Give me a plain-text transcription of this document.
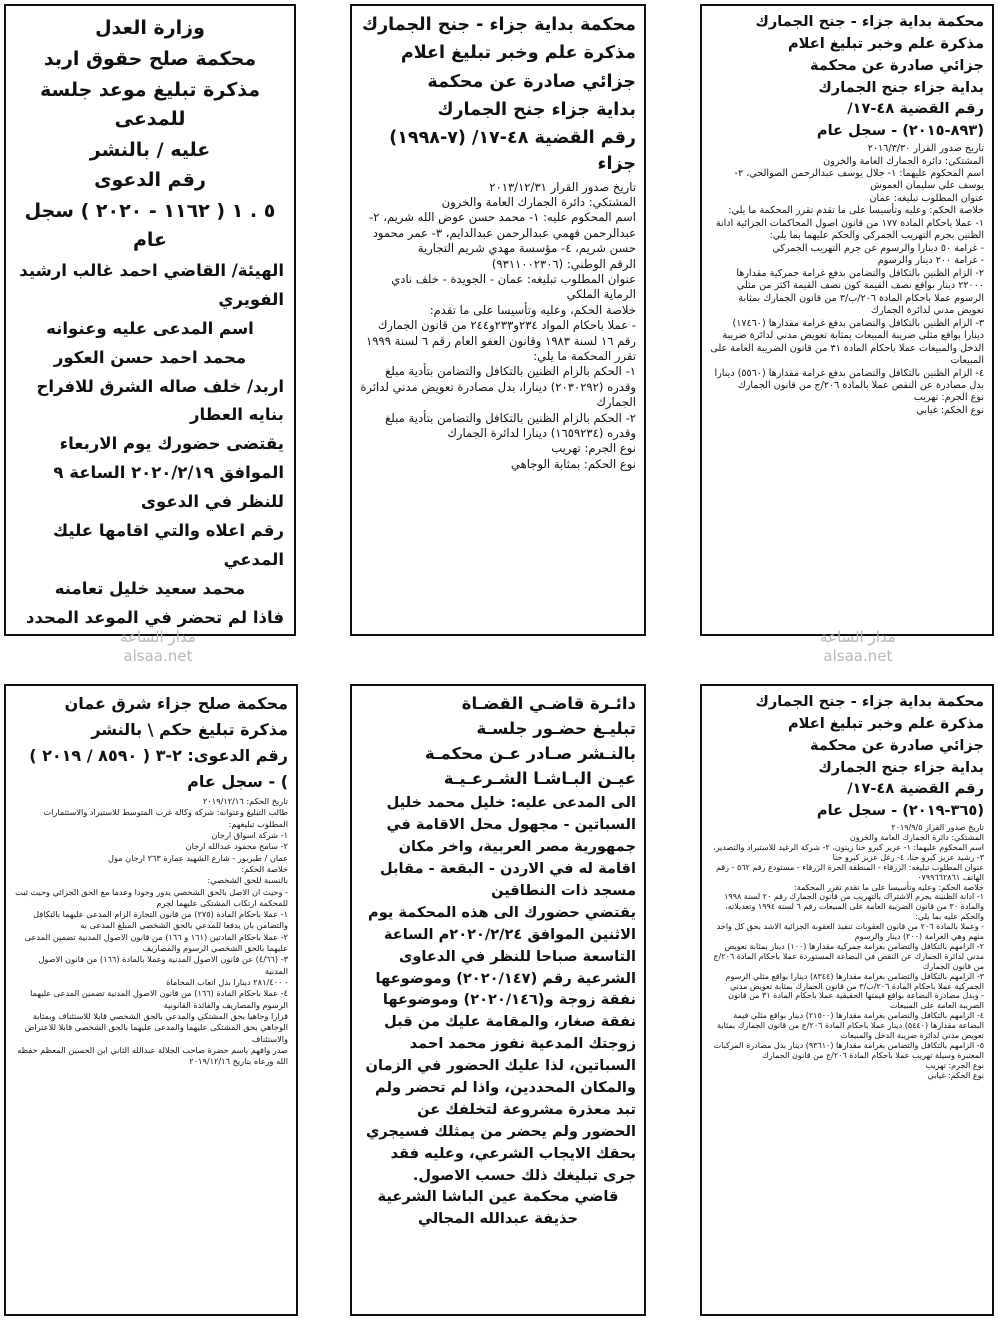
وزارة العدل

محكمة صلح حقوق اربد

مذكرة تبليغ موعد جلسة للمدعى

عليه / بالنشر

رقم الدعوى

٥ . ١ ( ١١٦٢ - ٢٠٢٠ ) سجل عام

الهيئة/ القاضي احمد غالب ارشيد الفويري

اسم المدعى عليه وعنوانه

محمد احمد حسن العكور

اربد/ خلف صاله الشرق للافراح بنايه العطار

يقتضى حضورك يوم الاربعاء الموافق ٢٠٢٠/٢/١٩ الساعة ٩ للنظر في الدعوى

رقم اعلاه والتي اقامها عليك المدعي

محمد سعيد خليل تعامنه

فاذا لم تحضر في الموعد المحدد

محكمة بداية جزاء - جنح الجمارك

مذكرة علم وخبر تبليغ اعلام

جزائي صادرة عن محكمة

بداية جزاء جنح الجمارك

رقم القضية ٤٨-١٧/ (٧-١٩٩٨) جزاء

تاريخ صدور القرار ٢٠١٣/١٢/٣١

المشتكي: دائرة الجمارك العامة والخرون

اسم المحكوم عليه: ١- محمد حسن عوض الله شريم، ٢- عبدالرحمن فهمي عبدالرحمن عبدالدايم، ٣- عمر محمود حسن شريم، ٤- مؤسسة مهدي شريم التجارية

الرقم الوطني: (٩٣١١٠٠٢٣٠٦)

عنوان المطلوب تبليغه: عمان - الجويدة - خلف نادي الرماية الملكي

خلاصة الحكم، وعليه وتأسيسا على ما تقدم:

- عملا باحكام المواد ٢٣٤و٢٣٣و٢٤٤ من قانون الجمارك رقم ١٦ لسنة ١٩٨٣ وقانون العفو العام رقم ٦ لسنة ١٩٩٩ تقرر المحكمة ما يلي:

١- الحكم بالزام الظنين بالتكافل والتضامن بتأدية مبلغ وقدره (٢٠٣٠٢٩٢) دينارا، بدل مصادرة تعويض مدني لدائرة الجمارك

٢- الحكم بالزام الظنين بالتكافل والتضامن بتأدية مبلغ وقدره (١٦٥٩٢٣٤) دينارا لدائرة الجمارك

نوع الجرم: تهريب

نوع الحكم: بمثابة الوجاهي

محكمة بداية جزاء - جنح الجمارك

مذكرة علم وخبر تبليغ اعلام

جزائي صادرة عن محكمة

بداية جزاء جنح الجمارك

رقم القضية ٤٨-١٧/

(٨٩٣-٢٠١٥) - سجل عام

تاريخ صدور القرار ٢٠١٦/٣/٣٠

المشتكي: دائرة الجمارك العامة والخرون

اسم المحكوم عليهما: ١- جلال يوسف عبدالرحمن الصوالحي، ٢- يوسف علي سليمان العموش

عنوان المطلوب تبليغه: عمان

خلاصة الحكم: وعليه وتأسيسا على ما تقدم تقرر المحكمة ما يلي:

١- عملا باحكام المادة ١٧٧ من قانون اصول المحاكمات الجزائية ادانة الظنين بجرم التهريب الجمركي والحكم عليهما بما يلي:

- غرامة ٥٠ دينارا والرسوم عن جرم التهريب الجمركي

- غرامة ٢٠٠ دينار والرسوم

٢- الزام الظنين بالتكافل والتضامن بدفع غرامة جمركية مقدارها ٢٢٠٠٠ دينار بواقع نصف القيمة كون نصف القيمة اكثر من مثلي الرسوم عملا باحكام المادة ٢٠٦/ب/٣ من قانون الجمارك بمثابة تعويض مدني لدائرة الجمارك

٣- الزام الظنين بالتكافل والتضامن بدفع غرامة مقدارها (١٧٤٦٠) دينارا بواقع مثلي ضريبة المبيعات بمثابة تعويض مدني لدائرة ضريبة الدخل والمبيعات عملا باحكام المادة ٣١ من قانون الضريبة العامة على المبيعات

٤- الزام الظنين بالتكافل والتضامن بدفع غرامة مقدارها (٥٥٦٠) دينارا بدل مصادرة عن النقص عملا بالمادة ٢٠٦/ج من قانون الجمارك

نوع الجرم: تهريب

نوع الحكم: غيابي

مدار الساعة
alsaa.net
مدار الساعة
alsaa.net

محكمة صلح جزاء شرق عمان

مذكرة تبليغ حكم \ بالنشر

رقم الدعوى: ٢-٣ ( ٨٥٩٠ / ٢٠١٩ )

) - سجل عام

تاريخ الحكم: ٢٠١٩/١٢/١٦

طالب التبليغ وعنوانه: شركة وكالة غرب المتوسط للاستيراد والاستثمارات

المطلوب تبليغهم:

١- شركة اسواق ارجان

٢- سامح محمود عبدالله ارجان

عمان / طبربور - شارع الشهيد عمارة ٢٦٣ ارجان مول

خلاصة الحكم:

بالنسبة للحق الشخصي:

- وحيث ان الاصل بالحق الشخصي يدور وجودا وعدما مع الحق الجزائي وحيث ثبت للمحكمة ارتكاب المشتكى عليهما لجرم

١- عملا باحكام المادة (٢٧٥) من قانون التجارة الزام المدعى عليهما بالتكافل والتضامن بان يدفعا للمدعي بالحق الشخصي المبلغ المدعى به

٢- عملا باحكام المادتين (١٦١ و ١٦٦) من قانون الاصول المدنية تضمين المدعى عليهما بالحق الشخصي الرسوم والمصاريف

٣- (٤/٦٦) عن قانون الاصول المدنية وعملا بالمادة (١٦٦) من قانون الاصول المدنية

- ٢٨١/٤٠٠ دينارا بدل اتعاب المحاماة

٤- عملا باحكام المادة (١٦٦) من قانون الاصول المدنية تضمين المدعى عليهما الرسوم والمصاريف والفائدة القانونية

قرارا وجاهيا بحق المشتكي والمدعي بالحق الشخصي قابلا للاستئناف وبمثابة الوجاهي بحق المشتكى عليهما والمدعى عليهما بالحق الشخصي قابلا للاعتراض والاستئناف

صدر وافهم باسم حضرة صاحب الجلالة عبدالله الثاني ابن الحسين المعظم حفظه الله ورعاه بتاريخ ٢٠١٩/١٢/١٦

دائـرة قاضـي القضـاة

تبليـغ حضـور جلسـة

بالنـشر صـادر عـن محكمـة

عيـن البـاشـا الشـرعـيـة

الى المدعى عليه: خليل محمد خليل السباتين - مجهول محل الاقامة في جمهورية مصر العربية، واخر مكان اقامة له في الاردن - البقعة - مقابل مسجد ذات النطاقين

يقتضي حضورك الى هذه المحكمة يوم الاثنين الموافق ٢٠٢٠/٢/٢٤م الساعة التاسعة صباحا للنظر في الدعاوى الشرعية رقم (٢٠٢٠/١٤٧) وموضوعها نفقة زوجة و(٢٠٢٠/١٤٦) وموضوعها نفقة صغار، والمقامة عليك من قبل زوجتك المدعية نفوز محمد احمد السباتين، لذا عليك الحضور في الزمان والمكان المحددين، واذا لم تحضر ولم تبد معذرة مشروعة لتخلفك عن الحضور ولم يحضر من يمثلك فسيجري بحقك الايجاب الشرعي، وعليه فقد جرى تبليغك ذلك حسب الاصول.

قاضي محكمة عين الباشا الشرعية

حذيفة عبدالله المجالي

محكمة بداية جزاء - جنح الجمارك

مذكرة علم وخبر تبليغ اعلام

جزائي صادرة عن محكمة

بداية جزاء جنح الجمارك

رقم القضية ٤٨-١٧/

(٣٦٥-٢٠١٩) - سجل عام

تاريخ صدور القرار ٢٠١٩/٩/٥

المشتكي: دائرة الجمارك العامة والخرون

اسم المحكوم عليهما: ١- عزيز كبرو حنا زيتون، ٢- شركة الرغيد للاستيراد والتصدير، ٣- رشيد عزيز كبرو حنا، ٤- رغل عزيز كبرو حنا

عنوان المطلوب تبليغه: الزرقاء - المنطقة الحرة الزرقاء - مستودع رقم ٥٦٢ - رقم الهاتف ٠٧٩٩٦٦٢٨٦١

خلاصة الحكم: وعليه وتأسيسا على ما تقدم تقرر المحكمة:

١- ادانة الظنينة بجرم الاشتراك بالتهريب من قانون الجمارك رقم ٢٠ لسنة ١٩٩٨ والمادة ٣٠ من قانون الضريبة العامة على المبيعات رقم ٦ لسنة ١٩٩٤ وتعديلاته، والحكم عليه بما يلي:

- وعملا بالمادة ٢٠٦ من قانون العقوبات تنفيذ العقوبة الجزائية الاشد بحق كل واحد منهم وهي الغرامة (٢٠٠) دينار والرسوم

٢- الزامهم بالتكافل والتضامن بغرامة جمركية مقدارها (١٠٠) دينار بمثابة تعويض مدني لدائرة الجمارك عن النقص في البضاعة المستوردة عملا باحكام المادة ٢٠٦/ج من قانون الجمارك

٣- الزامهم بالتكافل والتضامن بغرامة مقدارها (٨٣٤٤) دينارا بواقع مثلي الرسوم الجمركية عملا باحكام المادة ٢٠٦/ب/٣ من قانون الجمارك بمثابة تعويض مدني

- وبدل مصادرة البضاعة بواقع قيمتها الحقيقية عملا باحكام المادة ٣١ من قانون الضريبة العامة على المبيعات

٤- الزامهم بالتكافل والتضامن بغرامة مقدارها (٢١٥٠٠) دينار بواقع مثلي قيمة البضاعة مقدارها (٥٤٤٠) دينار عملا باحكام المادة ٢٠٦/ج من قانون الجمارك بمثابة تعويض مدني لدائرة ضريبة الدخل والمبيعات

٥- الزامهم بالتكافل والتضامن بغرامة مقدارها (٩٣٦١٠) دينار بدل مصادرة المركبات المعتبرة وسيلة تهريب عملا باحكام المادة ٢٠٦/ج من قانون الجمارك

نوع الجرم: تهريب

نوع الحكم: غيابي
